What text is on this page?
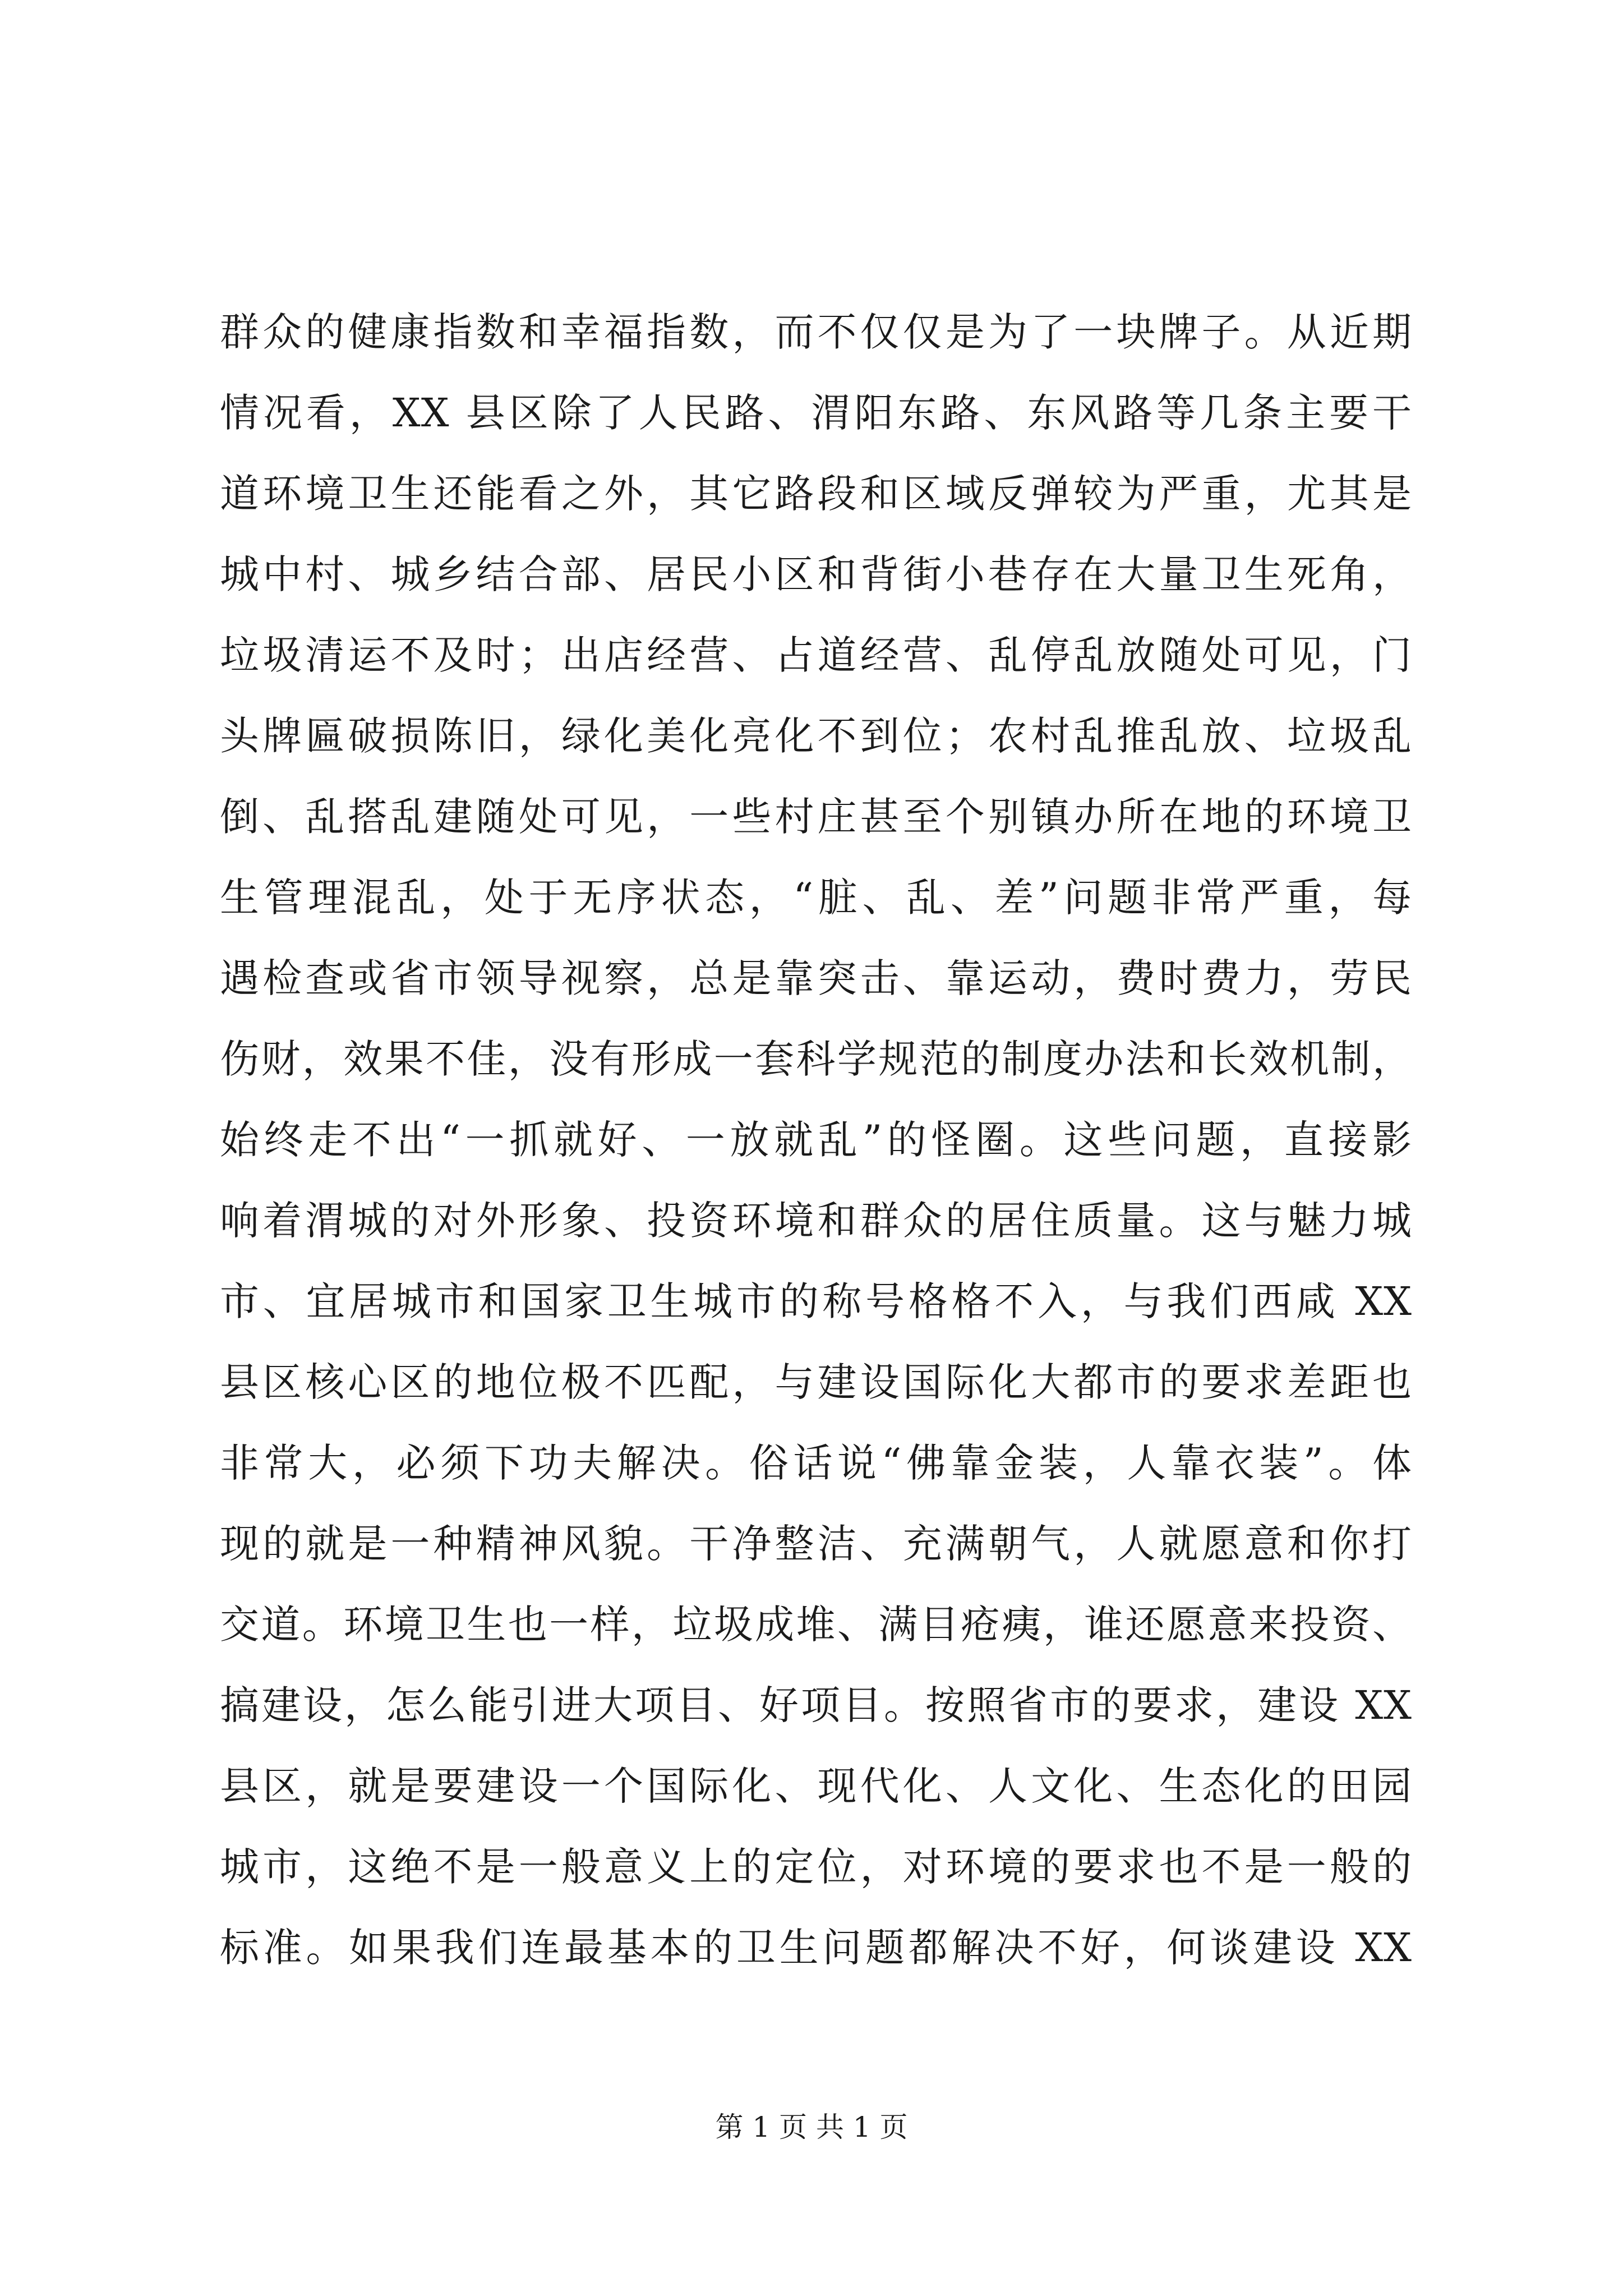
群众的健康指数和幸福指数，而不仅仅是为了一块牌子。从近期
情况看，XX 县区除了人民路、渭阳东路、东风路等几条主要干
道环境卫生还能看之外，其它路段和区域反弹较为严重，尤其是
城中村、城乡结合部、居民小区和背街小巷存在大量卫生死角，
垃圾清运不及时；出店经营、占道经营、乱停乱放随处可见，门
头牌匾破损陈旧，绿化美化亮化不到位；农村乱推乱放、垃圾乱
倒、乱搭乱建随处可见，一些村庄甚至个别镇办所在地的环境卫
生管理混乱，处于无序状态，“脏、乱、差”问题非常严重，每
遇检查或省市领导视察，总是靠突击、靠运动，费时费力，劳民
伤财，效果不佳，没有形成一套科学规范的制度办法和长效机制，
始终走不出“一抓就好、一放就乱”的怪圈。这些问题，直接影
响着渭城的对外形象、投资环境和群众的居住质量。这与魅力城
市、宜居城市和国家卫生城市的称号格格不入，与我们西咸 XX
县区核心区的地位极不匹配，与建设国际化大都市的要求差距也
非常大，必须下功夫解决。俗话说“佛靠金装，人靠衣装”。体
现的就是一种精神风貌。干净整洁、充满朝气，人就愿意和你打
交道。环境卫生也一样，垃圾成堆、满目疮痍，谁还愿意来投资、
搞建设，怎么能引进大项目、好项目。按照省市的要求，建设 XX
县区，就是要建设一个国际化、现代化、人文化、生态化的田园
城市，这绝不是一般意义上的定位，对环境的要求也不是一般的
标准。如果我们连最基本的卫生问题都解决不好，何谈建设 XX
第 1 页 共 1 页
